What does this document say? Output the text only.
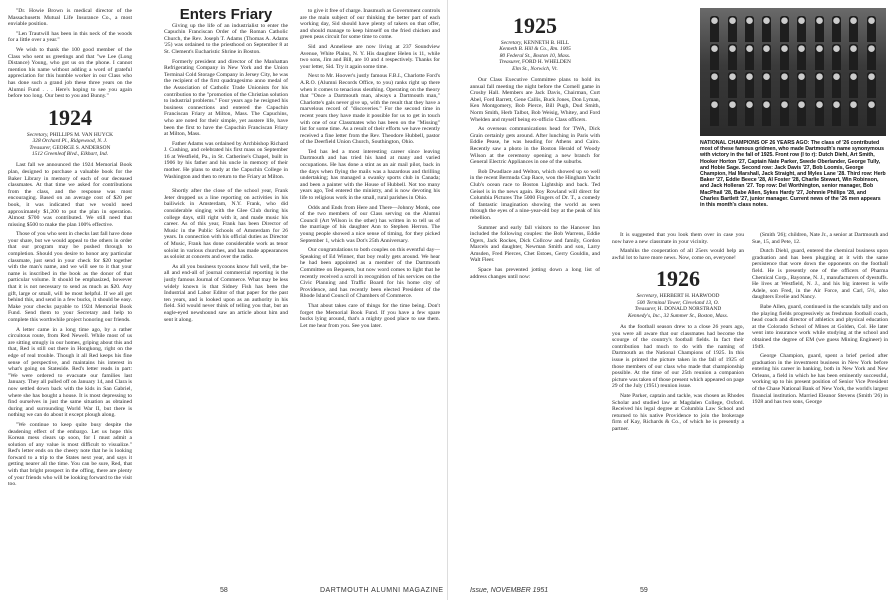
"Dr. Howie Brown is medical director of the Massachusetts Mutual Life Insurance Co., a most enviable position.

"Len Trautwill has been in this neck of the woods for a little over a year."

We wish to thank the 100 good member of the Class who sent us greetings and that "we Lee (Long Distance) Young, who got us on the phone. I cannot mention his name without adding a word of grateful appreciation for this humble worker in our Class who has done such a grand job these three years on the Alumni Fund . . . Here's hoping to see you again before too long. Our best to you and Bunny."

1924
Secretary, PHILLIPS M. VAN HUYCK
328 Orchard Pl., Ridgewood, N. J.
Treasurer, GEORGE S. ANDERSON
1512 Greenleaf Blvd., Elkhart, Ind.

Last fall we announced the 1924 Memorial Book plan, designed to purchase a valuable book for the Baker Library in memory of each of our deceased classmates. At that time we asked for contributions from the class, and the response was most encouraging. Based on an average cost of $20 per book, it was indicated that we would need approximately $1,200 to put the plan in operation. Almost $700 was contributed. We still need that missing $500 to make the plan 100% effective.

Those of you who sent in checks last fall have done your share, but we would appeal to the others in order that our program may be pushed through to completion. Should you desire to honor any particular classmate, just send in your check for $20 together with the man's name, and we will see to it that your name is inscribed in the book as the donor of that particular volume. It should be emphasized, however that it is not necessary to send as much as $20. Any gift, large or small, will be most helpful. If we all get behind this, and send in a few bucks, it should be easy. Make your checks payable to 1924 Memorial Book Fund. Send them to your Secretary and help to complete this worthwhile project honoring our friends.

A letter came in a long time ago, by a rather circuitous route, from Red Newell. While most of us are sitting smugly in our homes, griping about this and that, Red is still out there in Hongkong, right on the edge of real trouble. Though it all Red keeps his fine sense of perspective, and maintains his interest in what's going on Stateside. Red's letter reads in part: "We were ordered to evacuate our families last January. They all pulled off on January 14, and Clara is now settled down back with the kids in San Gabriel, where she has bought a house. It is most depressing to find ourselves in just the same situation as obtained during and surrounding World War II, but there is nothing we can do about it except plough along.

"We continue to keep quite busy despite the deadening effect of the embargo. Let us hope this Korean mess clears up soon, for I must admit a solution of any value is most difficult to visualize." Red's letter ends on the cheery note that he is looking forward to a trip to the States next year, and says it getting nearer all the time. You can be sure, Red, that with that bright prospect in the offing, there are plenty of your friends who will be looking forward to the visit too.

Enters Friary

Giving up the life of an industrialist to enter the Capuchin Franciscan Order of the Roman Catholic Church, the Rev. Joseph T. Adams (Thomas A. Adams '25) was ordained to the priesthood on September 8 at St. Clement's Eucharistic Shrine in Boston.

Formerly president and director of the Manhattan Refrigerating Company in New York and the Union Terminal Cold Storage Company in Jersey City, he was the recipient of the first quadragesimo anno medal of the Association of Catholic Trade Unionists for his contribution to the "promotion of the Christian solution to industrial problems." Four years ago he resigned his business connections and entered the Capuchin Franciscan Friary at Milton, Mass. The Capuchins, who are noted for their simple, yet austere life, have been the first to have the Capuchin Franciscan Friary at Milton, Mass.

Father Adams was ordained by Archbishop Richard J. Cushing, and celebrated his first mass on September 16 at Westfield, Pa., in St. Catherine's Chapel, built in 1906 by his father and his uncle in memory of their mother. He plans to study at the Capuchin College in Washington and then to return to the Friary at Milton.

Shortly after the close of the school year, Frank Jeter dropped us a line reporting on activities in his bailiwick in Amsterdam, N.Y. Frank, who did considerable singing with the Glee Club during his college days, still right with it, and made music his career. As of this year, Frank has been Director of Music in the Public Schools of Amsterdam for 26 years. In connection with his official duties as Director of Music, Frank has done considerable work as tenor soloist in various churches, and has made appearances as soloist at concerts and over the radio.

As all you business tycoons know full well, the be-all and end-all of journal commercial reporting is the justly famous Journal of Commerce. What may be less widely known is that Sidney Fish has been the Industrial and Labor Editor of that paper for the past ten years, and is looked upon as an authority in his field. Sid would never think of telling you that, but an eagle-eyed newshound saw an article about him and sent it along.

to give it free of charge. Inasmuch as Government controls are the main subject of our thinking the better part of each working day, Sid should have plenty of takers on that offer, and should manage to keep himself on the fried chicken and green peas circuit for some time to come.

Sid and Anneliese are now living at 237 Soundview Avenue, White Plains, N. Y. His daughter Helen is 11, while two sons, Jim and Bill, are 10 and 4 respectively. Thanks for your letter, Sid. Try it again some time.

Next to Mr. Hoover's justly famous F.B.I., Charlotte Ford's A.R.O. (Alumni Records Office, to you) ranks right up there when it comes to tenacious sleuthing. Operating on the theory that "Once a Dartmouth man, always a Dartmouth man," Charlotte's gals never give up, with the result that they have a marvelous record of "discoveries." For the second time in recent years they have made it possible for us to get in touch with one of our Classmates who has been on the "Missing" list for some time. As a result of their efforts we have recently received a fine letter from the Rev. Theodore Hubbell, pastor of the Deerfield Union Church, Southington, Ohio.

Ted has led a most interesting career since leaving Dartmouth and has tried his hand at many and varied occupations. He has done a stint as an air mail pilot, back in the days when flying the mails was a hazardous and thrilling undertaking; has managed a swanky sports club in Canada; and been a painter with the House of Hubbell. Not too many years ago, Ted entered the ministry, and is now devoting his life to religious work in the small, rural parishes in Ohio.

Odds and Ends from Here and There—Johnny Monk, one of the two members of our Class serving on the Alumni Council (Art Wilson is the other) has written in to tell us of the marriage of his daughter Ann to Stephen Herron. The young people showed a nice sense of timing, for they picked September 1, which was Dot's 25th Anniversary.

Our congratulations to both couples on this eventful day—Speaking of Ed Winner, that boy really gets around. We hear he had been appointed as a member of the Dartmouth Committee on Bequests, but now word comes to light that he recently received a scroll in recognition of his services on the Civic Planning and Traffic Board for his home city of Providence, and has recently been elected President of the Rhode Island Council of Chambers of Commerce.

That about takes care of things for the time being. Don't forget the Memorial Book Fund. If you have a few spare bucks lying around, that's a mighty good place to use them. Let me hear from you. See you later.

1925
Secretary, KENNETH B. HILL
Kenneth B. Hill & Co., Rm. 1005
80 Federal St., Boston 10, Mass.
Treasurer, FORD H. WHELDEN
Elm St., Norwich, Vt.

Our Class Executive Committee plans to hold its annual fall meeting the night before the Cornell game in Crosby Hall. Members are Jack Davis, Chairman, Curt Abel, Ford Barrett, Gene Callis, Buck Jones, Don Lyman, Ken Montgomery, Bob Pierce, Bill Pugh, Dud Smith, Norm Smith, Herb Talbot, Bob Weisig, Whitey, and Ford Whelden and myself being ex-officio Class officers.

As overseas communications head for TWA, Dick Grain certainly gets around. After lunching in Paris with Eddie Pease, he was heading for Athens and Cairo. Recently saw a photo in the Boston Herald of Woody Wilson at the ceremony opening a new branch for General Electric Appliances in one of the suburbs.

Bob Dwadlace and Welton, which showed up so well in the recent Bermuda Cup Race, won the Hingham Yacht Club's ocean race to Boston Lightship and back. Ted Geisel is in the news again. Roy Rowland will direct for Columbia Pictures The 5000 Fingers of Dr. T., a comedy of fantastic imagination showing the world as seen through the eyes of a nine-year-old boy at the peak of his rebellion.

Summer and early fall visitors to the Hanover Inn included the following couples: the Bob Warrens, Eddie Ogers, Jack Rockes, Dick Collcow and family, Gordon Marcels and daughter, Newman Smith and son, Larry Amsden, Fred Pierces, Chet Estoes, Gerry Gouldin, and Walt Fleer.

Space has prevented jotting down a long list of address changes until now:

NATIONAL CHAMPIONS OF 26 YEARS AGO: The class of '26 contributed most of these famous gridmen, who made Dartmouth's name synonymous with victory in the fall of 1925. Front row (l to r): Dutch Diehl, Art Smith, Hooker Horton '27, Captain Nate Parker, Swede Oberlander, George Tully, and Hobie Sage. Second row: Jack Davis '27, Bob Loomis, George Champion, Hal Marshall, Jack Straight, and Myles Lane '28. Third row: Herb Baker '27, Eddie Beece '28, Al Foster '28, Charlie Stewart, Win Robinson, and Jack Holleran '27. Top row: Del Worthington, senior manager, Bob MacPhail '28, Babe Allen, Sykes Hardy '27, Johnnie Phillips '28, and Charles Bartlett '27, junior manager. Current news of the '26 men appears in this month's class notes.

It is suggested that you look them over in case you now have a new classmate in your vicinity.

Manhiks the cooperation of all 25ers would help an awful lot to have more news. Now, come on, everyone!

1926
Secretary, HERBERT H. HARWOOD
500 Terminal Tower, Cleveland 13, O.
Treasurer, H. DONALD NORSTRAND
Kennedy's, Inc., 32 Summer St., Boston, Mass.

As the football season drew to a close 26 years ago, you were all aware that our classmates had become the scourge of the country's football fields. In fact their contribution had much to do with the naming of Dartmouth as the National Champions of 1925. In this issue is printed the picture taken in the fall of 1925 of those members of our class who made that championship possible. At the time of our 25th reunion a companion picture was taken of those present which appeared on page 29 of the July (1951) reunion issue.

Nate Parker, captain and tackle, was chosen as Rhodes Scholar and studied law at Magdalen College, Oxford. Received his legal degree at Columbia Law School and returned to his native Providence to join the brokerage firm of Kay, Richards & Co., of which he is presently a partner.

(Smith '26); children, Nate Jr., a senior at Dartmouth and Sue, 15, and Pete, 12.

Dutch Diehl, guard, entered the chemical business upon graduation and has been plugging at it with the same persistence that wore down the opponents on the football field. He is presently one of the officers of Pharma Chemical Corp., Bayonne, N. J., manufacturers of dyestuffs. He lives at Westfield, N. J., and his big interest is wife Adele, son Fred, in the Air Force, and Carl, 5½, also daughters Evelie and Nancy.

Babe Allen, guard, continued in the scandals tally and on the playing fields progressively as freshman football coach, head coach and director of athletics and physical education at the Colorado School of Mines at Golden, Col. He later went into insurance work while studying at the school and obtained the degree of EM (we guess Mining Engineer) in 1949.

George Champion, guard, spent a brief period after graduation in the investment business in New York before entering his career in banking, both in New York and New Orleans, a field in which he has been eminently successful, working up to his present position of Senior Vice President of the Chase National Bank of New York, the world's largest financial institution. Married Eleanor Stevens (Smith '26) in 1928 and has two sons, George

58	DARTMOUTH ALUMNI MAGAZINE	Issue, NOVEMBER 1951	59
